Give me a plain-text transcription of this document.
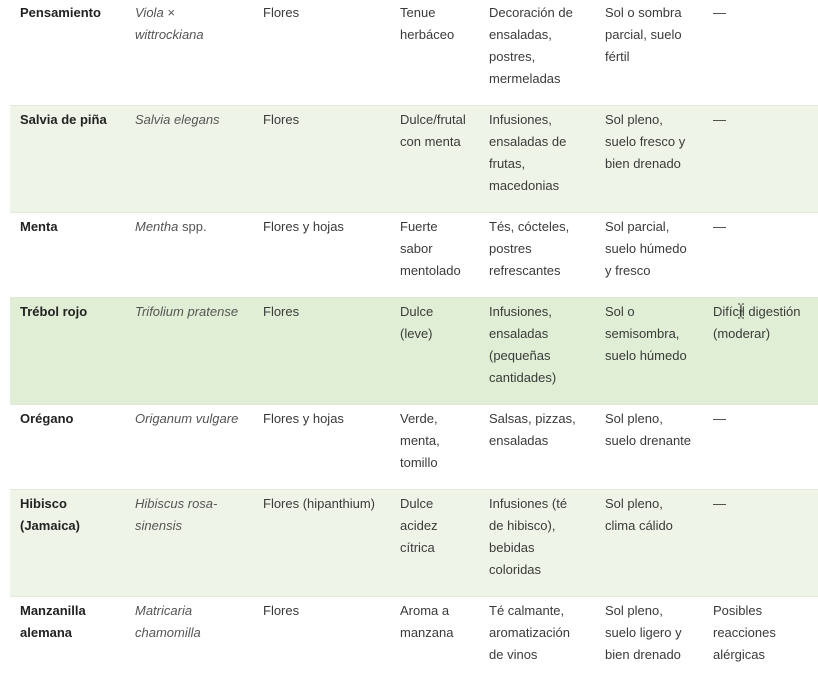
Pensamiento	Viola × wittrockiana	Flores	Tenue herbáceo	Decoración de ensaladas, postres, mermeladas	Sol o sombra parcial, suelo fértil	—
Salvia de piña	Salvia elegans	Flores	Dulce/frutal con menta	Infusiones, ensaladas de frutas, macedonias	Sol pleno, suelo fresco y bien drenado	—
Menta	Mentha spp.	Flores y hojas	Fuerte sabor mentolado	Tés, cócteles, postres refrescantes	Sol parcial, suelo húmedo y fresco	—
Trébol rojo	Trifolium pratense	Flores	Dulce (leve)	Infusiones, ensaladas (pequeñas cantidades)	Sol o semisombra, suelo húmedo	Difícil digestión (moderar)
Orégano	Origanum vulgare	Flores y hojas	Verde, menta, tomillo	Salsas, pizzas, ensaladas	Sol pleno, suelo drenante	—
Hibisco (Jamaica)	Hibiscus rosa-sinensis	Flores (hipanthium)	Dulce acidez cítrica	Infusiones (té de hibisco), bebidas coloridas	Sol pleno, clima cálido	—
Manzanilla alemana	Matricaria chamomilla	Flores	Aroma a manzana	Té calmante, aromatización de vinos	Sol pleno, suelo ligero y bien drenado	Posibles reacciones alérgicas
